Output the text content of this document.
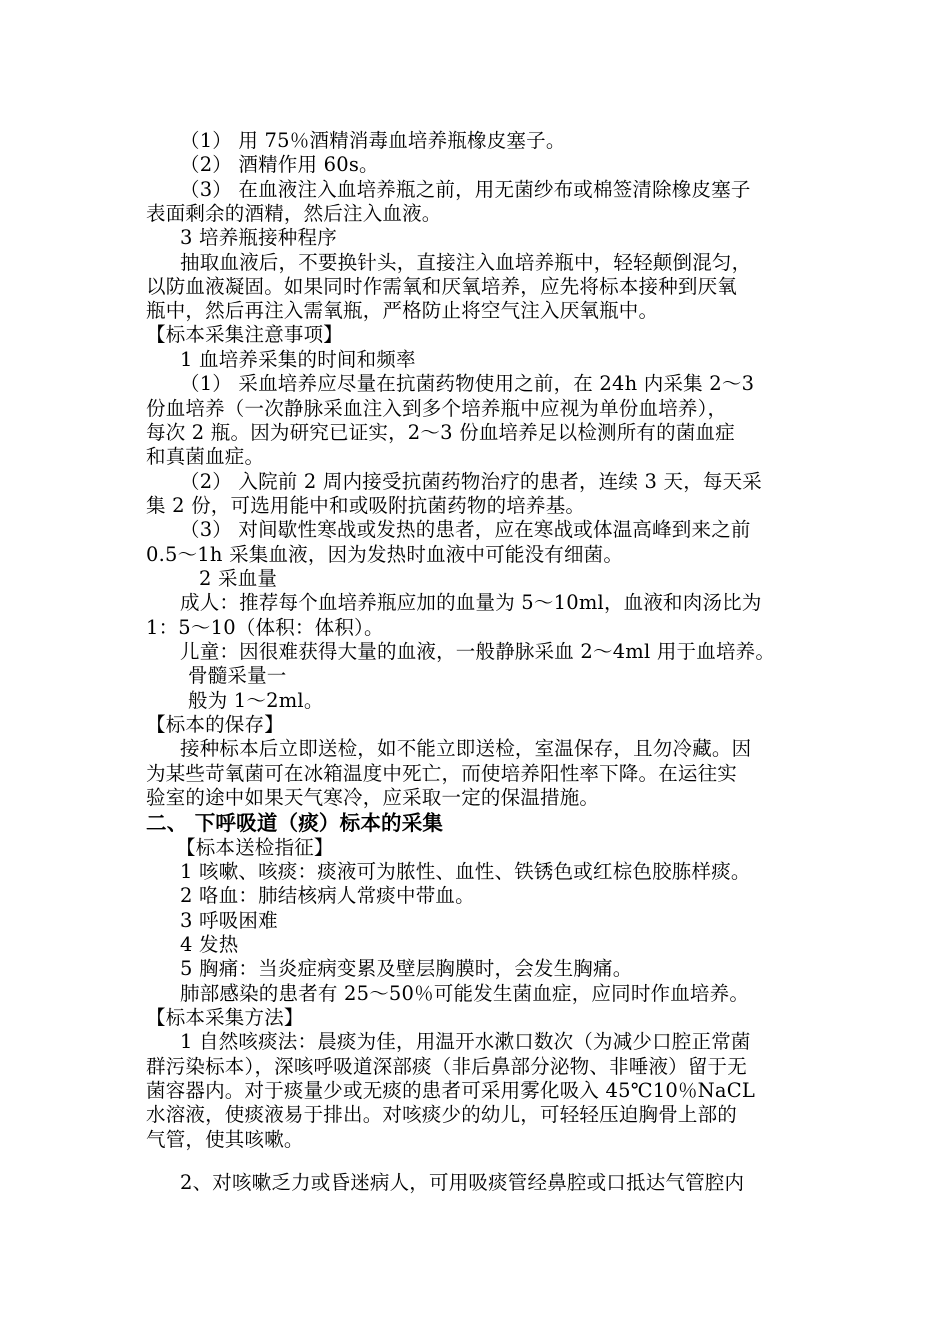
（1） 用 75％酒精消毒血培养瓶橡皮塞子。
（2） 酒精作用 60s。
（3） 在血液注入血培养瓶之前，用无菌纱布或棉签清除橡皮塞子
表面剩余的酒精，然后注入血液。
3 培养瓶接种程序
抽取血液后，不要换针头，直接注入血培养瓶中，轻轻颠倒混匀，
以防血液凝固。如果同时作需氧和厌氧培养，应先将标本接种到厌氧
瓶中，然后再注入需氧瓶，严格防止将空气注入厌氧瓶中。
【标本采集注意事项】
1 血培养采集的时间和频率
（1） 采血培养应尽量在抗菌药物使用之前，在 24h 内采集 2～3
份血培养（一次静脉采血注入到多个培养瓶中应视为单份血培养），
每次 2 瓶。因为研究已证实，2～3 份血培养足以检测所有的菌血症
和真菌血症。
（2） 入院前 2 周内接受抗菌药物治疗的患者，连续 3 天，每天采
集 2 份，可选用能中和或吸附抗菌药物的培养基。
（3） 对间歇性寒战或发热的患者，应在寒战或体温高峰到来之前
0.5～1h 采集血液，因为发热时血液中可能没有细菌。
2 采血量
成人：推荐每个血培养瓶应加的血量为 5～10ml，血液和肉汤比为
1：5～10（体积：体积）。
儿童：因很难获得大量的血液，一般静脉采血 2～4ml 用于血培养。
骨髓采量一
般为 1～2ml。
【标本的保存】
接种标本后立即送检，如不能立即送检，室温保存，且勿冷藏。因
为某些苛氧菌可在冰箱温度中死亡，而使培养阳性率下降。在运往实
验室的途中如果天气寒冷，应采取一定的保温措施。
二、 下呼吸道（痰）标本的采集
【标本送检指征】
1 咳嗽、咳痰：痰液可为脓性、血性、铁锈色或红棕色胶胨样痰。
2 咯血：肺结核病人常痰中带血。
3 呼吸困难
4 发热
5 胸痛：当炎症病变累及壁层胸膜时，会发生胸痛。
肺部感染的患者有 25～50％可能发生菌血症，应同时作血培养。
【标本采集方法】
1 自然咳痰法：晨痰为佳，用温开水漱口数次（为减少口腔正常菌
群污染标本），深咳呼吸道深部痰（非后鼻部分泌物、非唾液）留于无
菌容器内。对于痰量少或无痰的患者可采用雾化吸入 45℃10％NaCL
水溶液，使痰液易于排出。对咳痰少的幼儿，可轻轻压迫胸骨上部的
气管，使其咳嗽。
2、对咳嗽乏力或昏迷病人，可用吸痰管经鼻腔或口抵达气管腔内
